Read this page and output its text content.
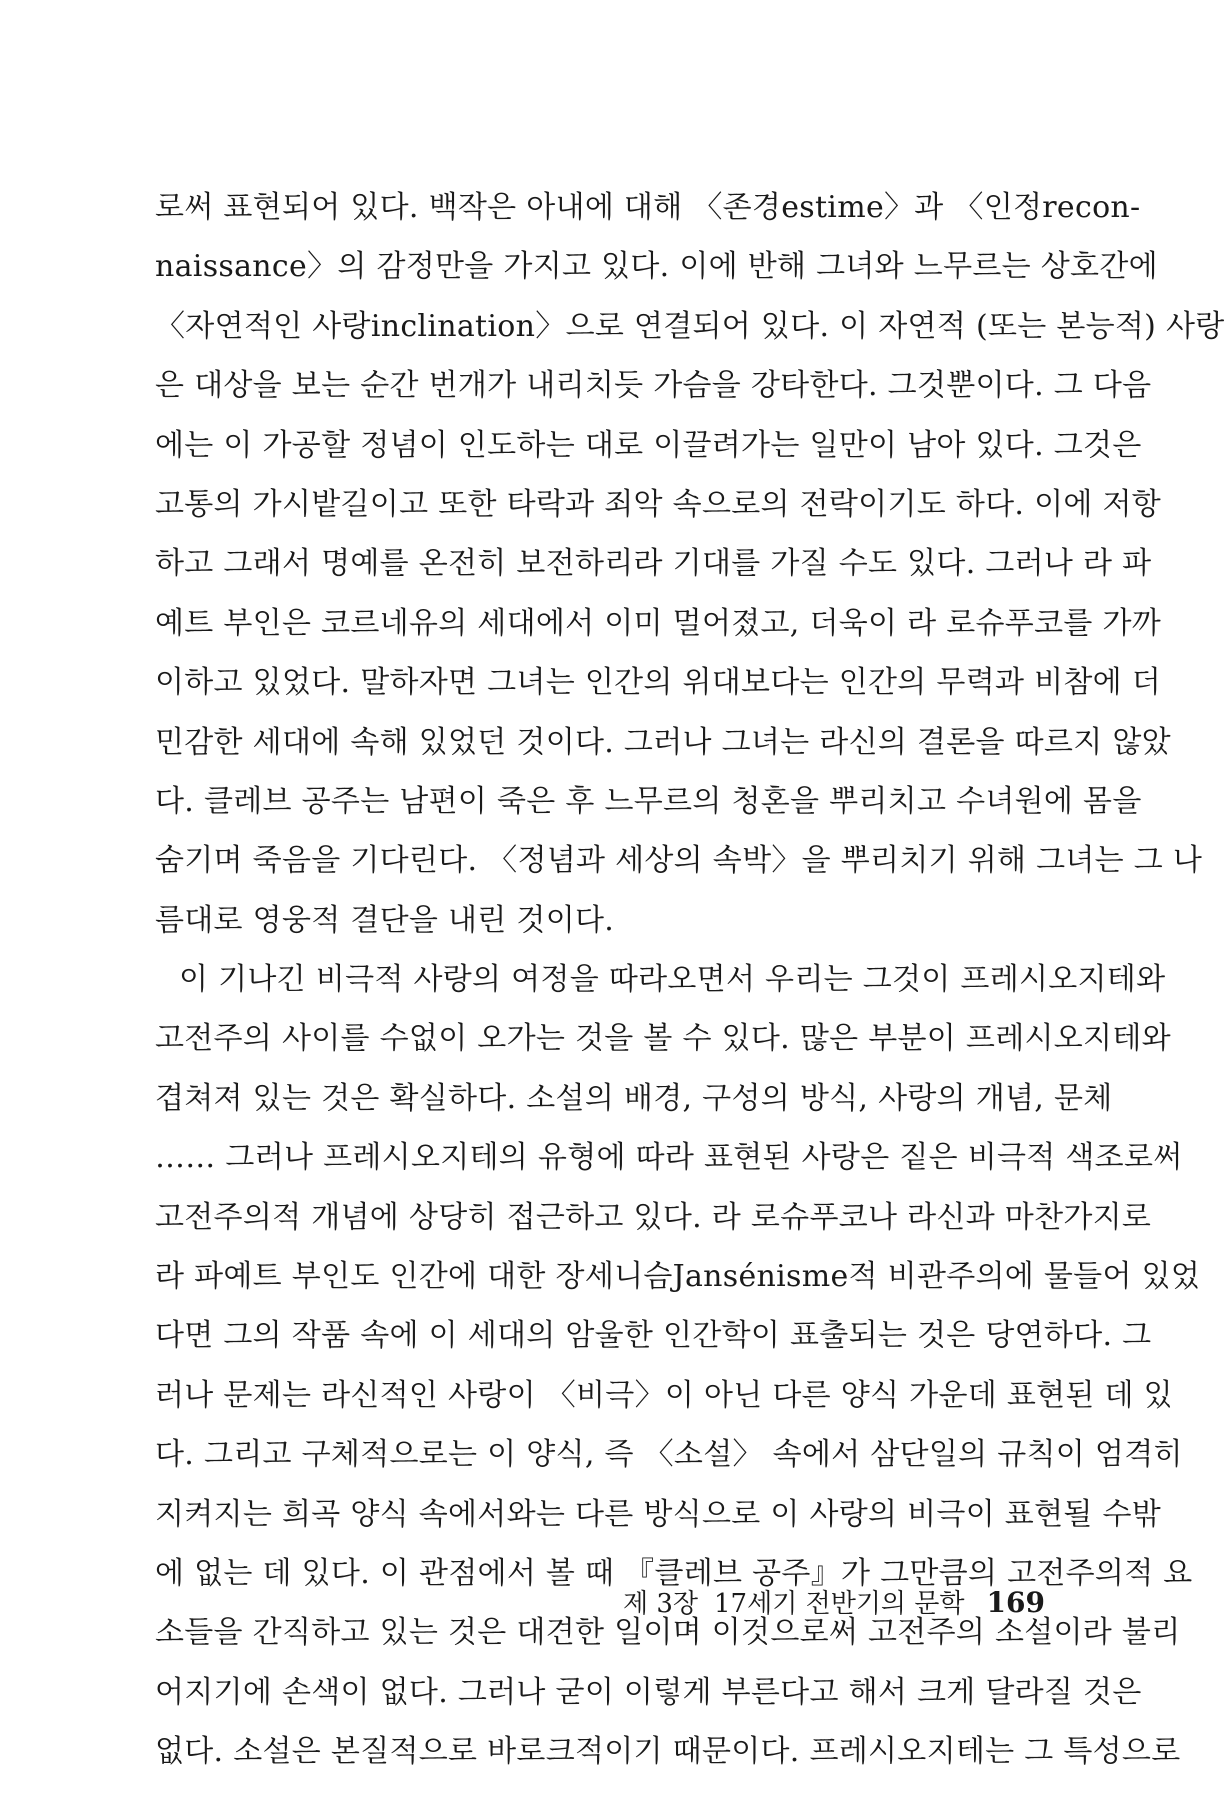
로써 표현되어 있다. 백작은 아내에 대해 〈존경estime〉과 〈인정recon-
naissance〉의 감정만을 가지고 있다. 이에 반해 그녀와 느무르는 상호간에
〈자연적인 사랑inclination〉으로 연결되어 있다. 이 자연적 (또는 본능적) 사랑
은 대상을 보는 순간 번개가 내리치듯 가슴을 강타한다. 그것뿐이다. 그 다음
에는 이 가공할 정념이 인도하는 대로 이끌려가는 일만이 남아 있다. 그것은
고통의 가시밭길이고 또한 타락과 죄악 속으로의 전락이기도 하다. 이에 저항
하고 그래서 명예를 온전히 보전하리라 기대를 가질 수도 있다. 그러나 라 파
예트 부인은 코르네유의 세대에서 이미 멀어졌고, 더욱이 라 로슈푸코를 가까
이하고 있었다. 말하자면 그녀는 인간의 위대보다는 인간의 무력과 비참에 더
민감한 세대에 속해 있었던 것이다. 그러나 그녀는 라신의 결론을 따르지 않았
다. 클레브 공주는 남편이 죽은 후 느무르의 청혼을 뿌리치고 수녀원에 몸을
숨기며 죽음을 기다린다. 〈정념과 세상의 속박〉을 뿌리치기 위해 그녀는 그 나
름대로 영웅적 결단을 내린 것이다.
이 기나긴 비극적 사랑의 여정을 따라오면서 우리는 그것이 프레시오지테와
고전주의 사이를 수없이 오가는 것을 볼 수 있다. 많은 부분이 프레시오지테와
겹쳐져 있는 것은 확실하다. 소설의 배경, 구성의 방식, 사랑의 개념, 문체
…… 그러나 프레시오지테의 유형에 따라 표현된 사랑은 짙은 비극적 색조로써
고전주의적 개념에 상당히 접근하고 있다. 라 로슈푸코나 라신과 마찬가지로
라 파예트 부인도 인간에 대한 장세니슴Jansénisme적 비관주의에 물들어 있었
다면 그의 작품 속에 이 세대의 암울한 인간학이 표출되는 것은 당연하다. 그
러나 문제는 라신적인 사랑이 〈비극〉이 아닌 다른 양식 가운데 표현된 데 있
다. 그리고 구체적으로는 이 양식, 즉 〈소설〉 속에서 삼단일의 규칙이 엄격히
지켜지는 희곡 양식 속에서와는 다른 방식으로 이 사랑의 비극이 표현될 수밖
에 없는 데 있다. 이 관점에서 볼 때 『클레브 공주』가 그만큼의 고전주의적 요
소들을 간직하고 있는 것은 대견한 일이며 이것으로써 고전주의 소설이라 불리
어지기에 손색이 없다. 그러나 굳이 이렇게 부른다고 해서 크게 달라질 것은
없다. 소설은 본질적으로 바로크적이기 때문이다. 프레시오지테는 그 특성으로
제 3장 17세기 전반기의 문학 169
